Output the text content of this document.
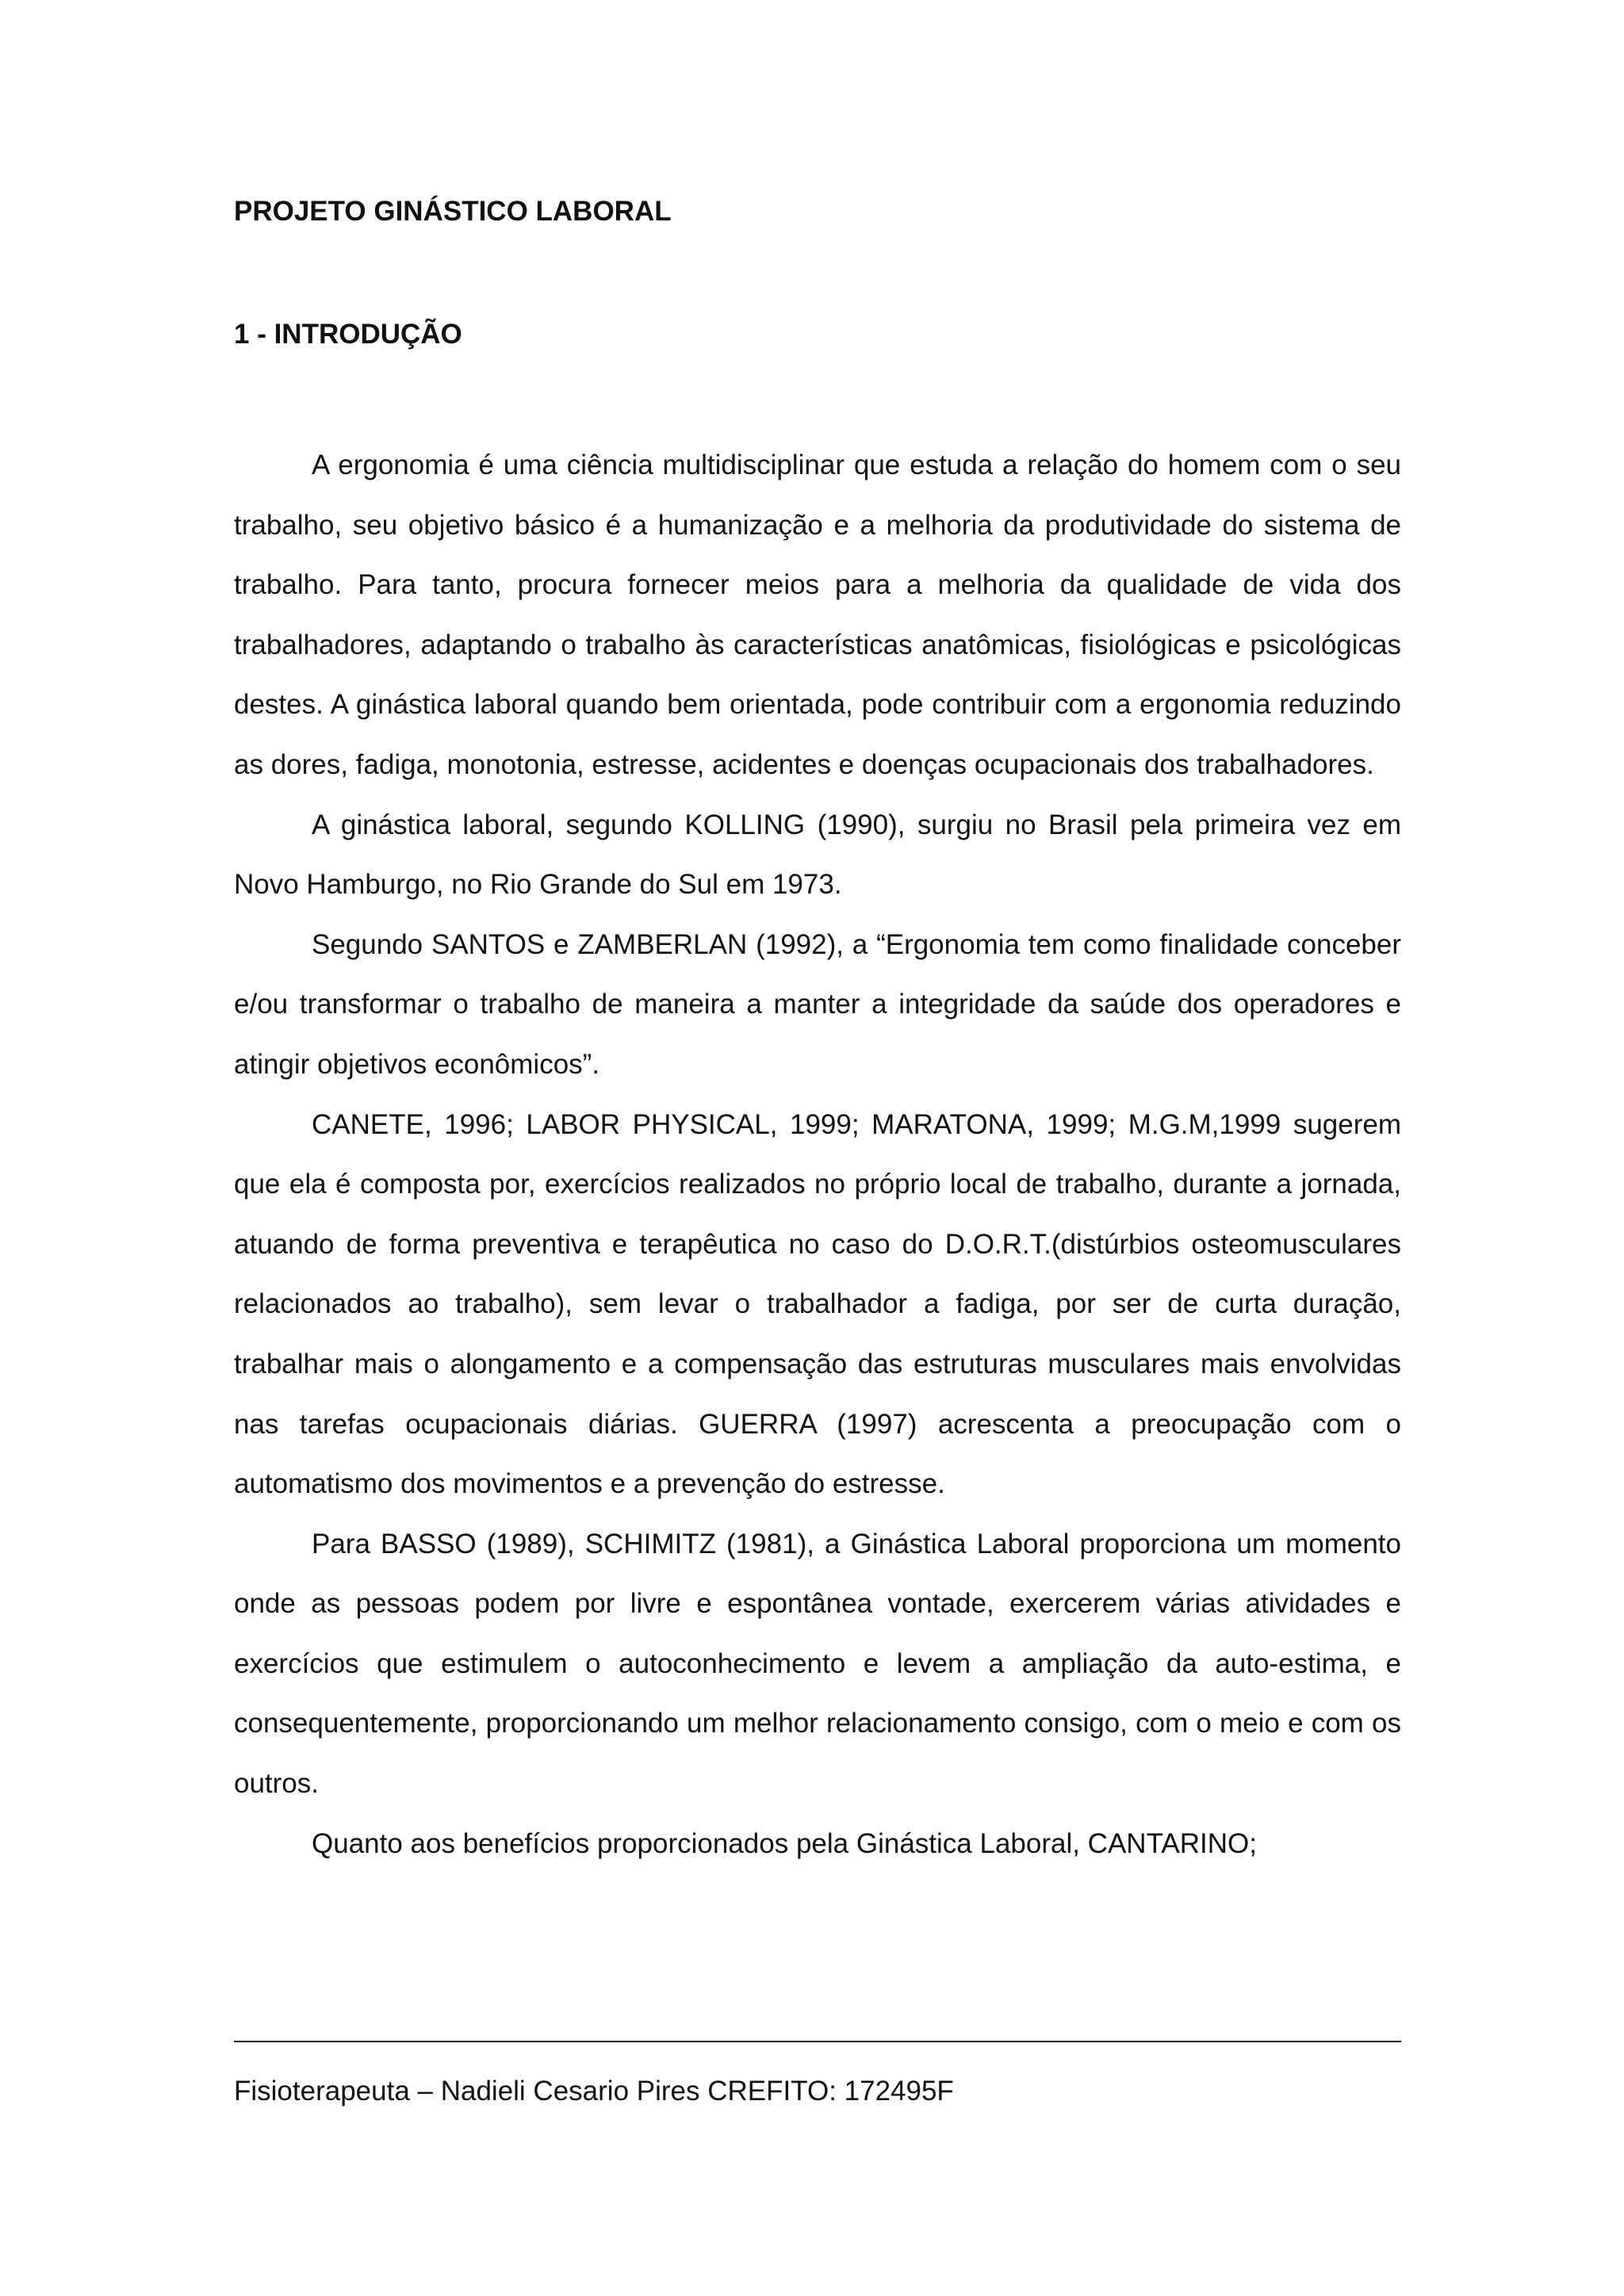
PROJETO GINÁSTICO LABORAL
1 - INTRODUÇÃO

A ergonomia é uma ciência multidisciplinar que estuda a relação do homem com o seu trabalho, seu objetivo básico é a humanização e a melhoria da produtividade do sistema de trabalho. Para tanto, procura fornecer meios para a melhoria da qualidade de vida dos trabalhadores, adaptando o trabalho às características anatômicas, fisiológicas e psicológicas destes. A ginástica laboral quando bem orientada, pode contribuir com a ergonomia reduzindo as dores, fadiga, monotonia, estresse, acidentes e doenças ocupacionais dos trabalhadores.

A ginástica laboral, segundo KOLLING (1990), surgiu no Brasil pela primeira vez em Novo Hamburgo, no Rio Grande do Sul em 1973.

Segundo SANTOS e ZAMBERLAN (1992), a “Ergonomia tem como finalidade conceber e/ou transformar o trabalho de maneira a manter a integridade da saúde dos operadores e atingir objetivos econômicos”.

CANETE, 1996; LABOR PHYSICAL, 1999; MARATONA, 1999; M.G.M,1999 sugerem que ela é composta por, exercícios realizados no próprio local de trabalho, durante a jornada, atuando de forma preventiva e terapêutica no caso do D.O.R.T.(distúrbios osteomusculares relacionados ao trabalho), sem levar o trabalhador a fadiga, por ser de curta duração, trabalhar mais o alongamento e a compensação das estruturas musculares mais envolvidas nas tarefas ocupacionais diárias. GUERRA (1997) acrescenta a preocupação com o automatismo dos movimentos e a prevenção do estresse.

Para BASSO (1989), SCHIMITZ (1981), a Ginástica Laboral proporciona um momento onde as pessoas podem por livre e espontânea vontade, exercerem várias atividades e exercícios que estimulem o autoconhecimento e levem a ampliação da auto-estima, e consequentemente, proporcionando um melhor relacionamento consigo, com o meio e com os outros.

Quanto aos benefícios proporcionados pela Ginástica Laboral, CANTARINO;

Fisioterapeuta – Nadieli Cesario Pires CREFITO: 172495F
